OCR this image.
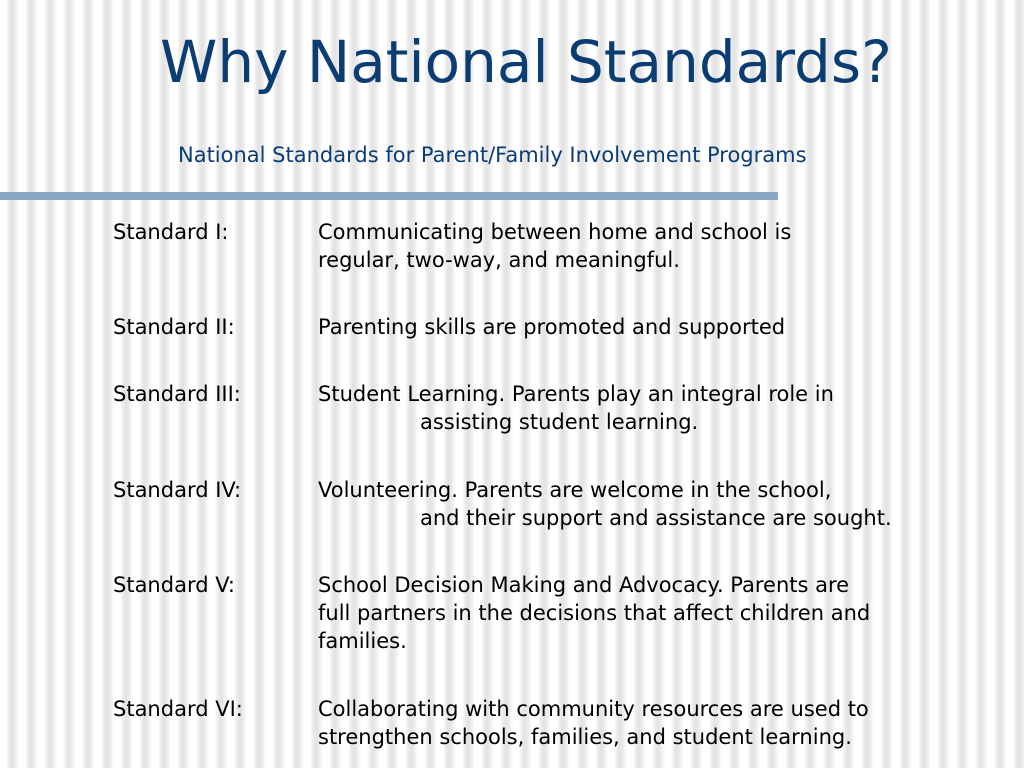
Why National Standards?
National Standards for Parent/Family Involvement Programs
Standard I:	Communicating between home and school is
regular, two-way, and meaningful.
Standard II:	Parenting skills are promoted and supported
Standard III:	Student Learning. Parents play an integral role in
assisting student learning.
Standard IV:	Volunteering. Parents are welcome in the school,
and their support and assistance are sought.
Standard V:	School Decision Making and Advocacy. Parents are
full partners in the decisions that affect children and
families.
Standard VI:	Collaborating with community resources are used to
strengthen schools, families, and student learning.
